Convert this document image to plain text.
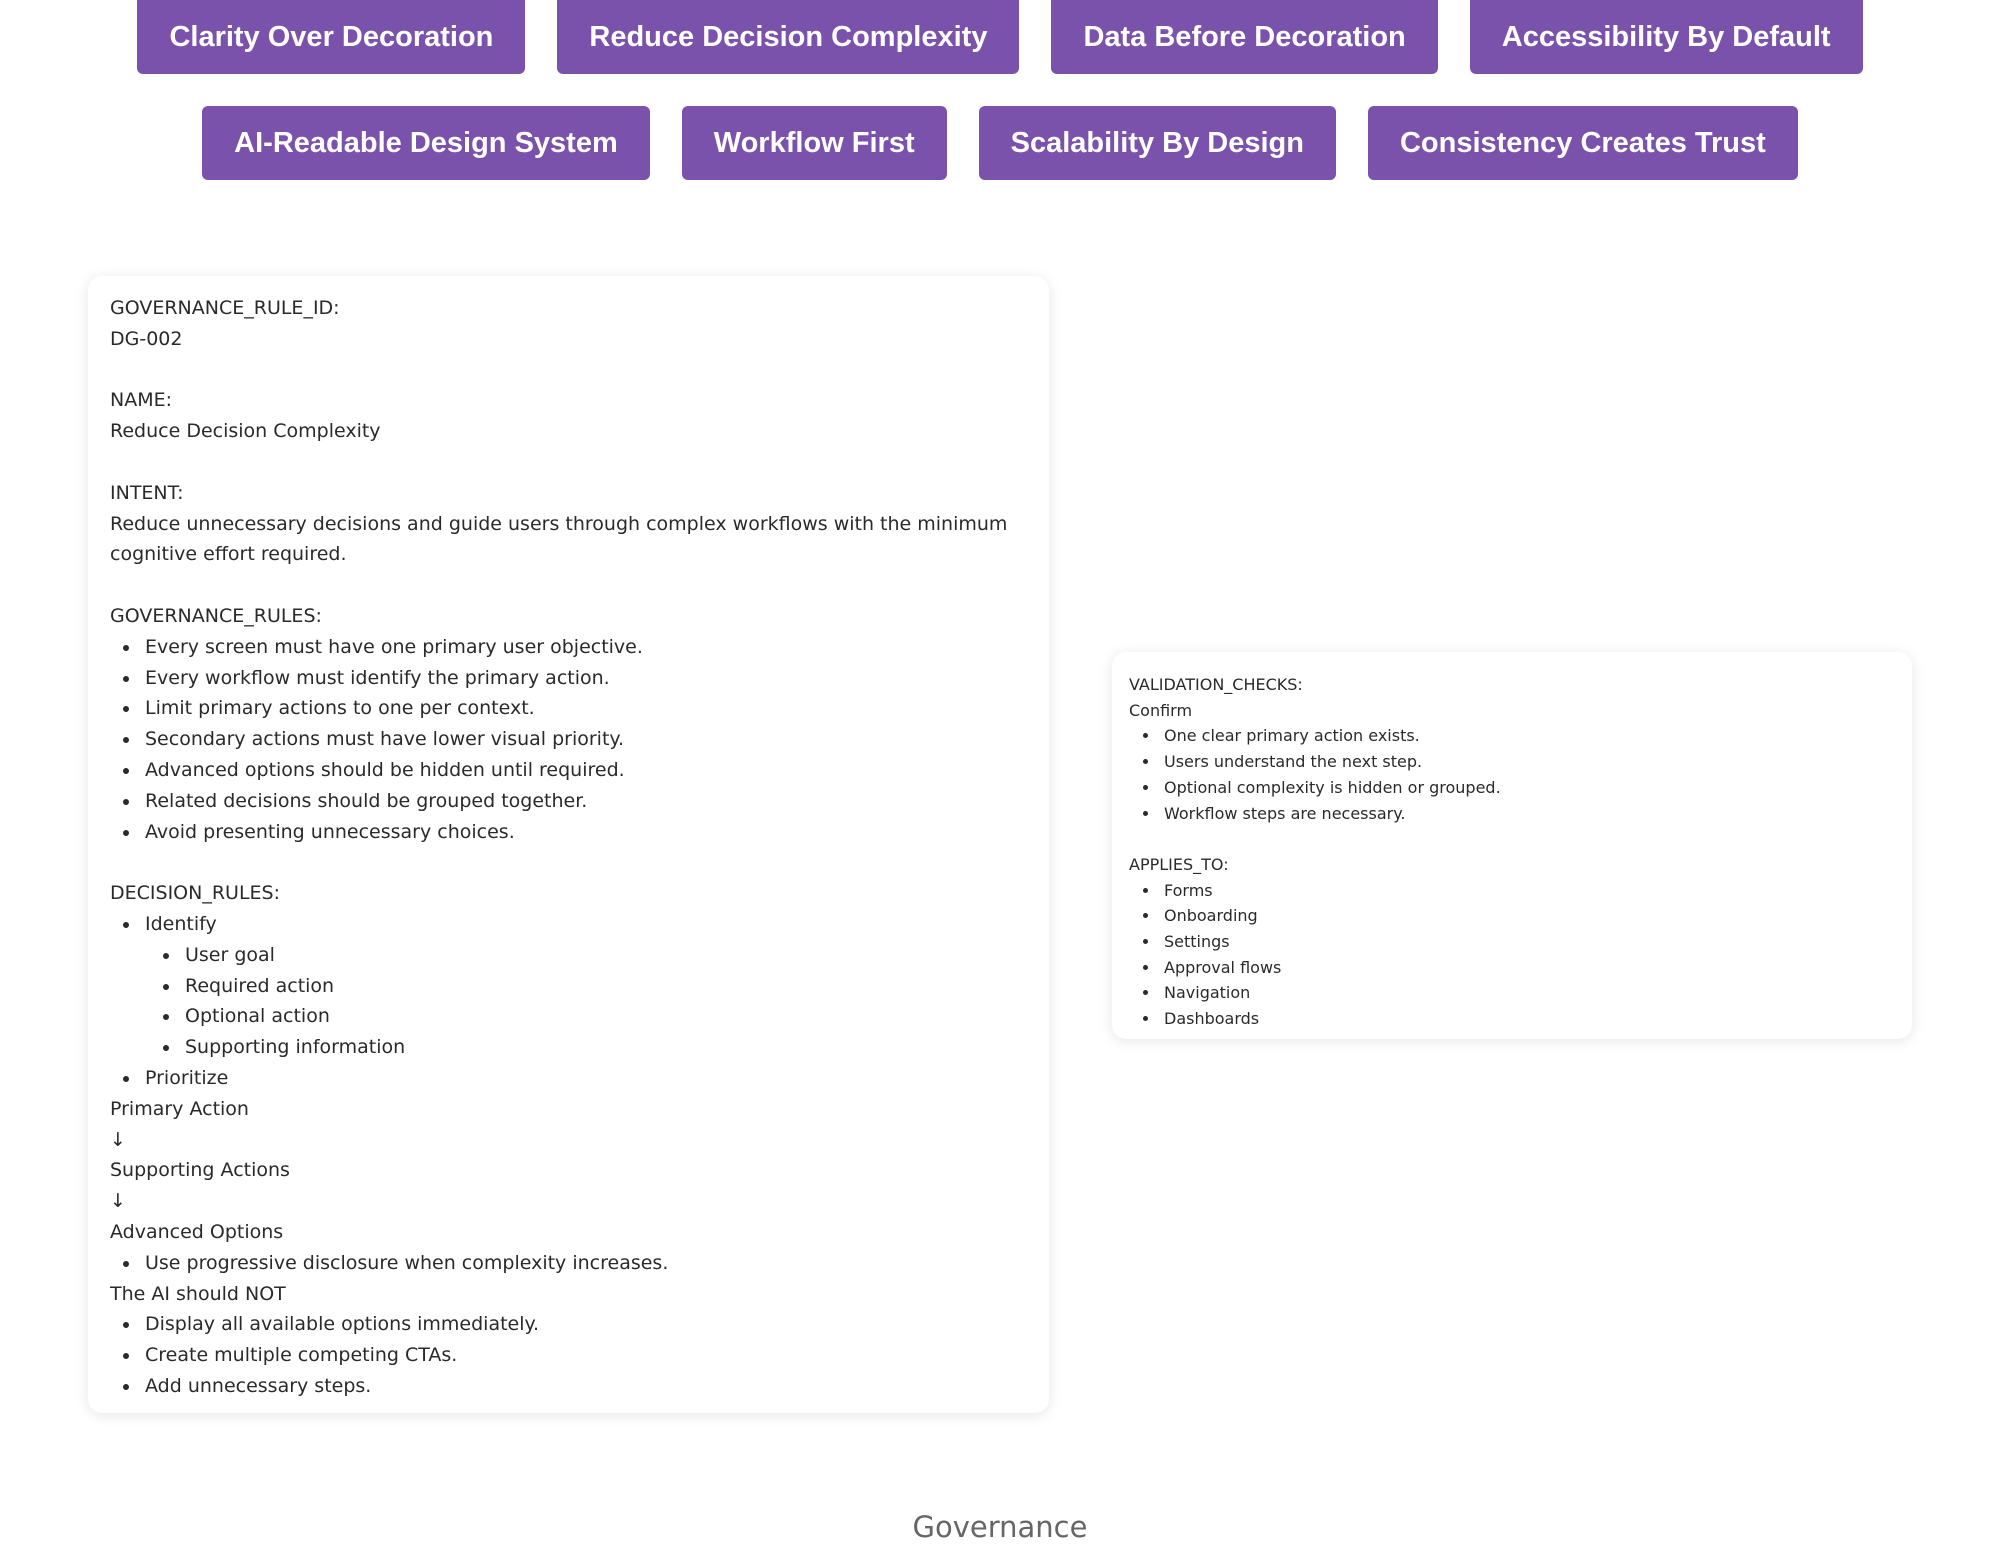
Clarity Over Decoration	Reduce Decision Complexity	Data Before Decoration	Accessibility By Default
AI-Readable Design System	Workflow First	Scalability By Design	Consistency Creates Trust
GOVERNANCE_RULE_ID:
DG-002
NAME:
Reduce Decision Complexity
INTENT:
Reduce unnecessary decisions and guide users through complex workflows with the minimum
cognitive effort required.
GOVERNANCE_RULES:
• Every screen must have one primary user objective.
• Every workflow must identify the primary action.
• Limit primary actions to one per context.
• Secondary actions must have lower visual priority.
• Advanced options should be hidden until required.
• Related decisions should be grouped together.
• Avoid presenting unnecessary choices.
DECISION_RULES:
• Identify
• User goal
• Required action
• Optional action
• Supporting information
• Prioritize
Primary Action
↓
Supporting Actions
↓
Advanced Options
• Use progressive disclosure when complexity increases.
The AI should NOT
• Display all available options immediately.
• Create multiple competing CTAs.
• Add unnecessary steps.
VALIDATION_CHECKS:
Confirm
• One clear primary action exists.
• Users understand the next step.
• Optional complexity is hidden or grouped.
• Workflow steps are necessary.
APPLIES_TO:
• Forms
• Onboarding
• Settings
• Approval flows
• Navigation
• Dashboards
Governance
